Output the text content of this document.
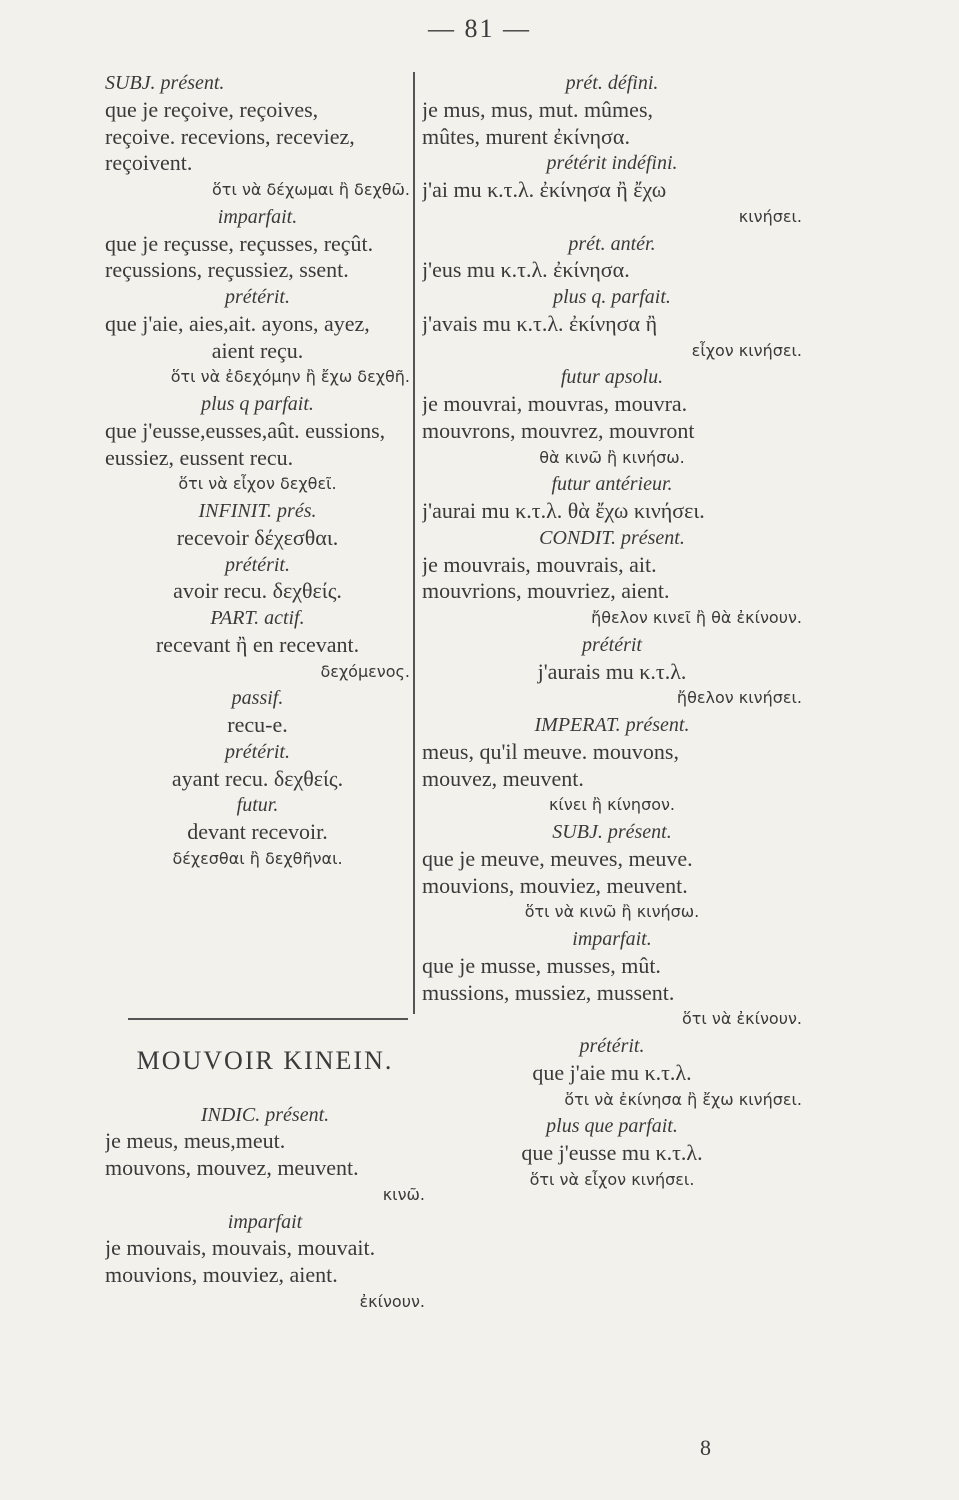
— 81 —
SUBJ. présent.
que je reçoive, reçoives,
reçoive. recevions, receviez,
reçoivent.
ὅτι νὰ δέχωμαι ἢ δεχθῶ.
imparfait.
que je reçusse, reçusses, reçût.
reçussions, reçussiez, ssent.
prétérit.
que j'aie, aies,ait. ayons, ayez,
aient reçu.
ὅτι νὰ ἐδεχόμην ἢ ἔχω δεχθῆ.
plus q parfait.
que j'eusse,eusses,aût. eussions,
eussiez, eussent recu.
ὅτι νὰ εἶχον δεχθεῖ.
INFINIT. prés.
recevoir δέχεσθαι.
prétérit.
avoir recu. δεχθείς.
PART. actif.
recevant ἢ en recevant.
δεχόμενος.
passif.
recu-e.
prétérit.
ayant recu. δεχθείς.
futur.
devant recevoir.
δέχεσθαι ἢ δεχθῆναι.
MOUVOIR KINEIN.
INDIC. présent.
je meus, meus,meut.
mouvons, mouvez, meuvent.
κινῶ.
imparfait
je mouvais, mouvais, mouvait.
mouvions, mouviez, aient.
ἐκίνουν.
prét. défini.
je mus, mus, mut. mûmes,
mûtes, murent ἐκίνησα.
prétérit indéfini.
j'ai mu κ.τ.λ. ἐκίνησα ἢ ἔχω
κινήσει.
prét. antér.
j'eus mu κ.τ.λ. ἐκίνησα.
plus q. parfait.
j'avais mu κ.τ.λ. ἐκίνησα ἢ
εἶχον κινήσει.
futur apsolu.
je mouvrai, mouvras, mouvra.
mouvrons, mouvrez, mouvront
θὰ κινῶ ἢ κινήσω.
futur antérieur.
j'aurai mu κ.τ.λ. θὰ ἔχω κινήσει.
CONDIT. présent.
je mouvrais, mouvrais, ait.
mouvrions, mouvriez, aient.
ἤθελον κινεῖ ἢ θὰ ἐκίνουν.
prétérit
j'aurais mu κ.τ.λ.
ἤθελον κινήσει.
IMPERAT. présent.
meus, qu'il meuve. mouvons,
mouvez, meuvent.
κίνει ἢ κίνησον.
SUBJ. présent.
que je meuve, meuves, meuve.
mouvions, mouviez, meuvent.
ὅτι νὰ κινῶ ἢ κινήσω.
imparfait.
que je musse, musses, mût.
mussions, mussiez, mussent.
ὅτι νὰ ἐκίνουν.
prétérit.
que j'aie mu κ.τ.λ.
ὅτι νὰ ἐκίνησα ἢ ἔχω κινήσει.
plus que parfait.
que j'eusse mu κ.τ.λ.
ὅτι νὰ εἶχον κινήσει.
8
